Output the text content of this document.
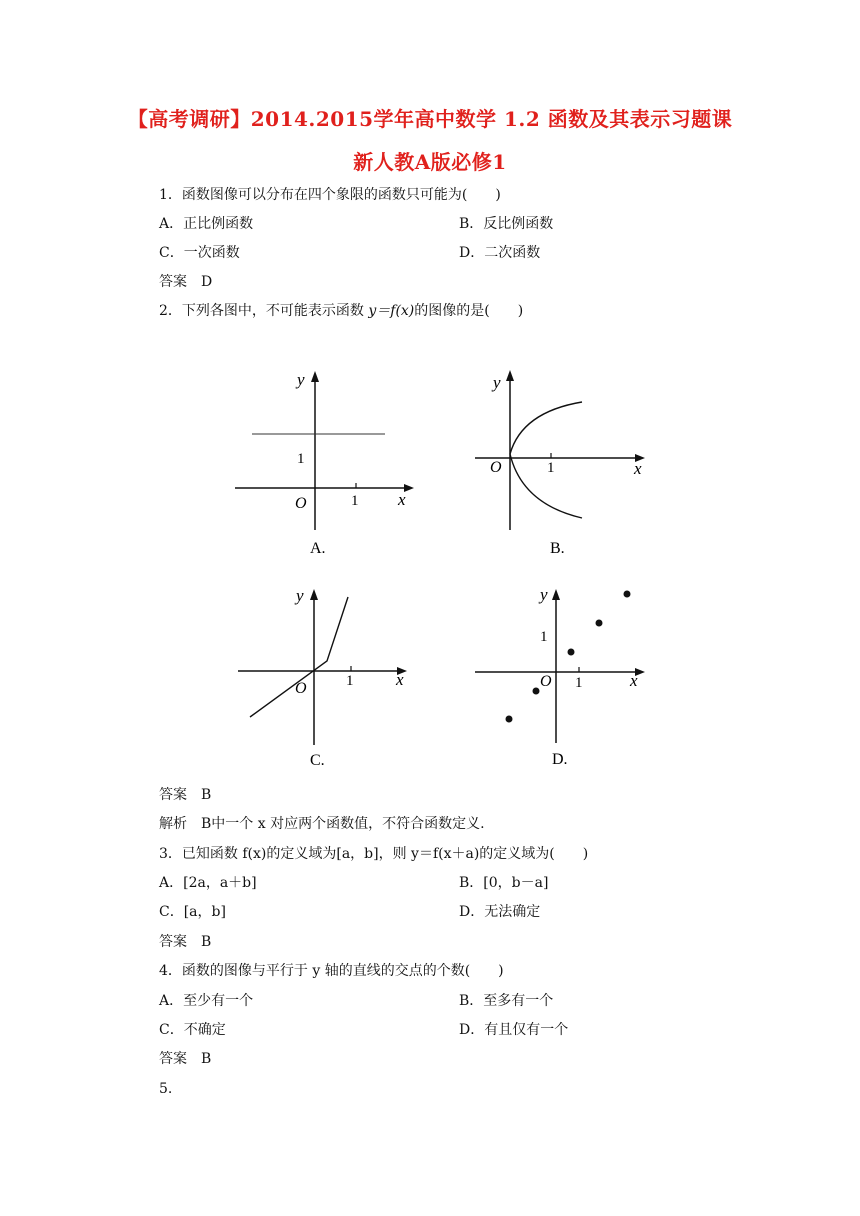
【高考调研】2014.2015学年高中数学 1.2 函数及其表示习题课
新人教A版必修1
1．函数图像可以分布在四个象限的函数只可能为(　　)
A．正比例函数	B．反比例函数
C．一次函数	D．二次函数
答案　D
2．下列各图中，不可能表示函数 y＝f(x)的图像的是(　　)
x
y
O	1
1
A.
x
y
O	1
B.
x
y
O	1
C.
x
y
O 1
1
D.
答案　B
解析　B中一个 x 对应两个函数值，不符合函数定义.
3．已知函数 f(x)的定义域为[a，b]，则 y＝f(x＋a)的定义域为(　　)
A．[2a，a＋b]	B．[0，b－a]
C．[a，b]	D．无法确定
答案　B
4．函数的图像与平行于 y 轴的直线的交点的个数(　　)
A．至少有一个	B．至多有一个
C．不确定	D．有且仅有一个
答案　B
5.
